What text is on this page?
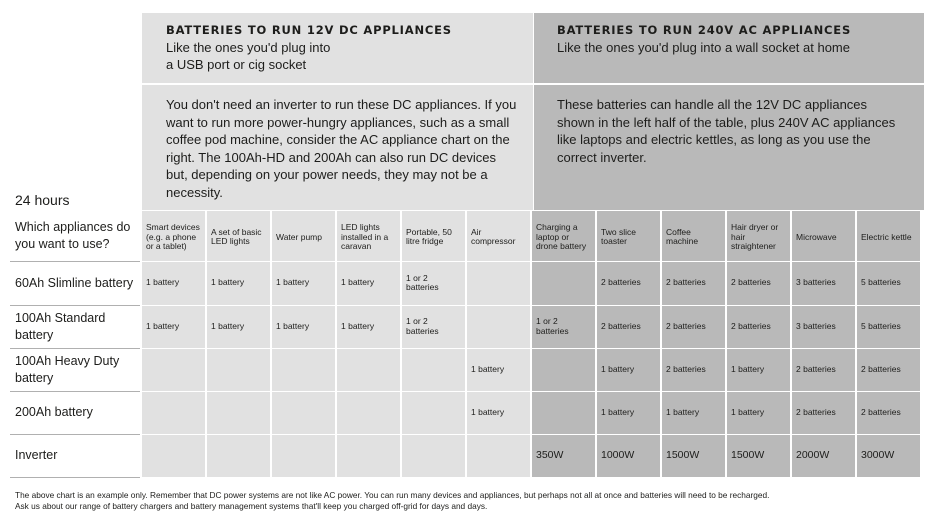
BATTERIES TO RUN 12V DC APPLIANCES
Like the ones you'd plug into
a USB port or cig socket
You don't need an inverter to run these DC appliances. If you want to run more power-hungry appliances, such as a small coffee pod machine, consider the AC appliance chart on the right. The 100Ah-HD and 200Ah can also run DC devices but, depending on your power needs, they may not be a necessity.
BATTERIES TO RUN 240V AC APPLIANCES
Like the ones you'd plug into a wall socket at home
These batteries can handle all the 12V DC appliances shown in the left half of the table, plus 240V AC appliances like laptops and electric kettles, as long as you use the correct inverter.
24 hours
Which appliances do you want to use?	Smart devices (e.g. a phone or a tablet)	A set of basic LED lights	Water pump	LED lights installed in a caravan	Portable, 50 litre fridge	Air compressor	Charging a laptop or drone battery	Two slice toaster	Coffee machine	Hair dryer or hair straightener	Microwave	Electric kettle
60Ah Slimline battery	1 battery	1 battery	1 battery	1 battery	1 or 2 batteries			2 batteries	2 batteries	2 batteries	3 batteries	5 batteries
100Ah Standard battery	1 battery	1 battery	1 battery	1 battery	1 or 2 batteries		1 or 2 batteries	2 batteries	2 batteries	2 batteries	3 batteries	5 batteries
100Ah Heavy Duty battery						1 battery		1 battery	2 batteries	1 battery	2 batteries	2 batteries
200Ah battery						1 battery		1 battery	1 battery	1 battery	2 batteries	2 batteries
Inverter							350W	1000W	1500W	1500W	2000W	3000W
The above chart is an example only. Remember that DC power systems are not like AC power. You can run many devices and appliances, but perhaps not all at once and batteries will need to be recharged.
Ask us about our range of battery chargers and battery management systems that'll keep you charged off-grid for days and days.
